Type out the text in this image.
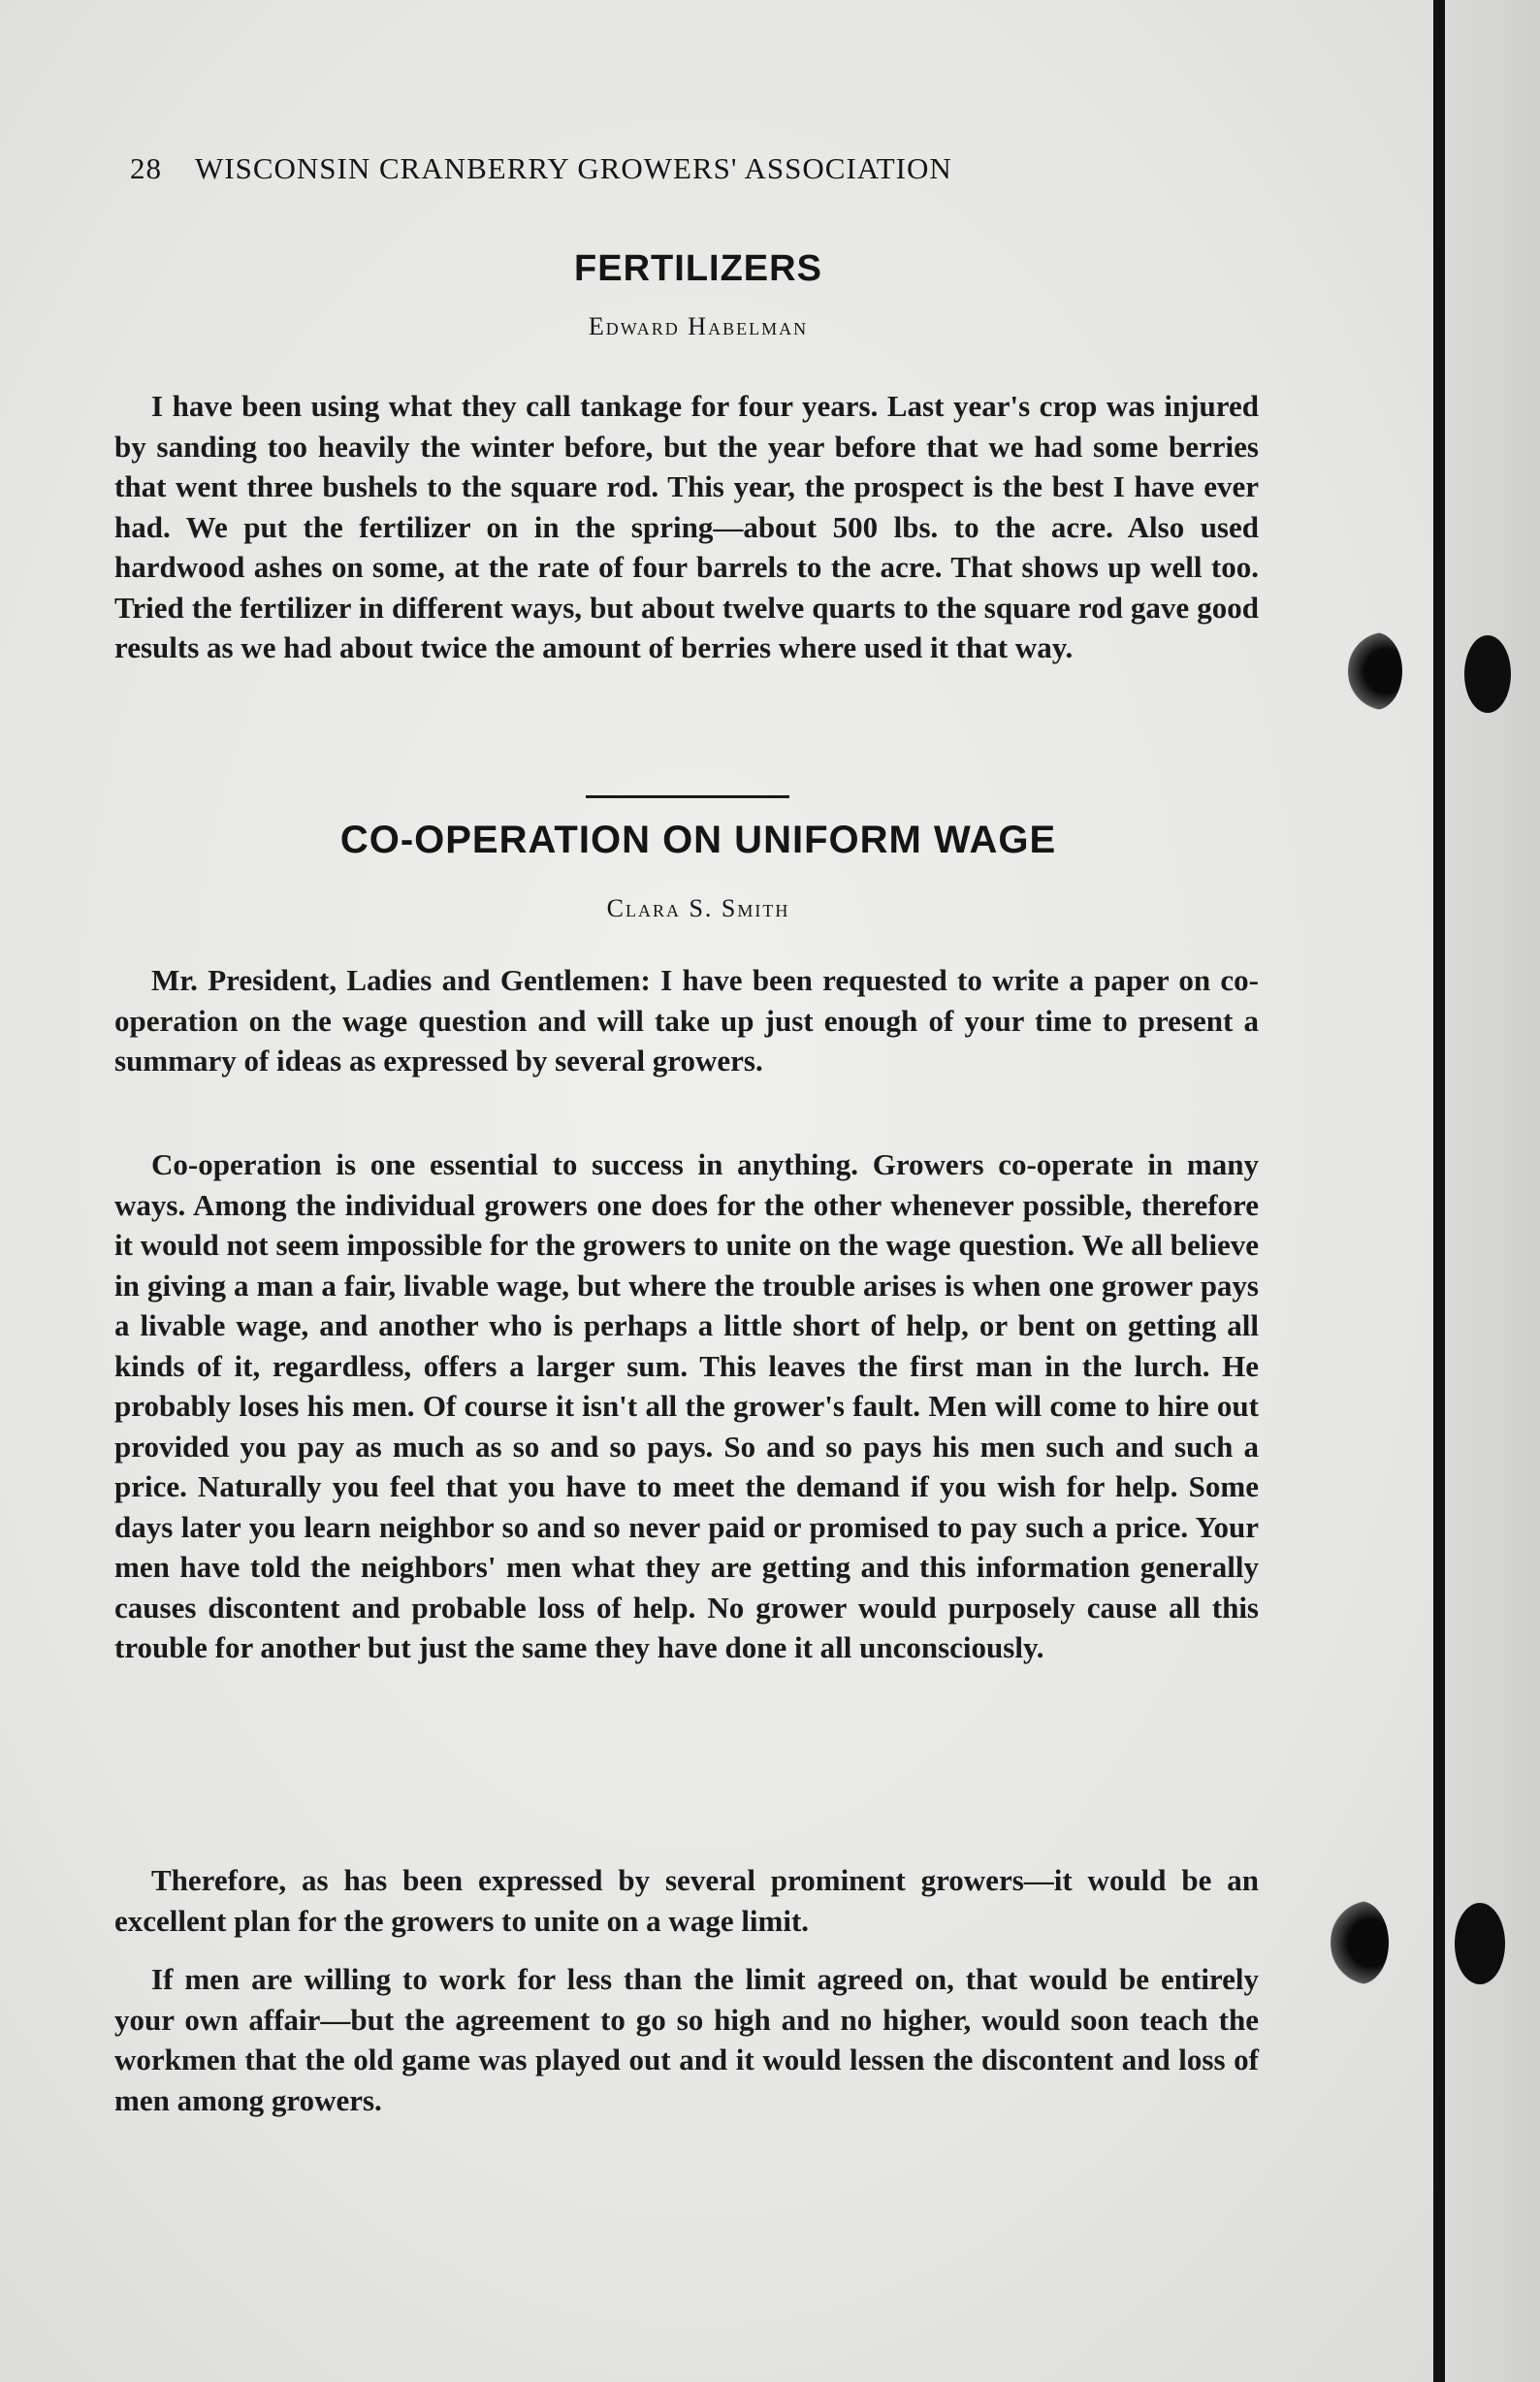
28 WISCONSIN CRANBERRY GROWERS' ASSOCIATION
FERTILIZERS
Edward Habelman

I have been using what they call tankage for four years. Last year's crop was injured by sanding too heavily the winter before, but the year before that we had some berries that went three bushels to the square rod. This year, the prospect is the best I have ever had. We put the fertilizer on in the spring—about 500 lbs. to the acre. Also used hardwood ashes on some, at the rate of four barrels to the acre. That shows up well too. Tried the fertilizer in different ways, but about twelve quarts to the square rod gave good results as we had about twice the amount of berries where used it that way.

CO-OPERATION ON UNIFORM WAGE
Clara S. Smith

Mr. President, Ladies and Gentlemen: I have been requested to write a paper on co-operation on the wage question and will take up just enough of your time to present a summary of ideas as expressed by several growers.

Co-operation is one essential to success in anything. Growers co-operate in many ways. Among the individual growers one does for the other whenever possible, therefore it would not seem impossible for the growers to unite on the wage question. We all believe in giving a man a fair, livable wage, but where the trouble arises is when one grower pays a livable wage, and another who is perhaps a little short of help, or bent on getting all kinds of it, regardless, offers a larger sum. This leaves the first man in the lurch. He probably loses his men. Of course it isn't all the grower's fault. Men will come to hire out provided you pay as much as so and so pays. So and so pays his men such and such a price. Naturally you feel that you have to meet the demand if you wish for help. Some days later you learn neighbor so and so never paid or promised to pay such a price. Your men have told the neighbors' men what they are getting and this information generally causes discontent and probable loss of help. No grower would purposely cause all this trouble for another but just the same they have done it all unconsciously.

Therefore, as has been expressed by several prominent growers—it would be an excellent plan for the growers to unite on a wage limit.

If men are willing to work for less than the limit agreed on, that would be entirely your own affair—but the agreement to go so high and no higher, would soon teach the workmen that the old game was played out and it would lessen the discontent and loss of men among growers.
